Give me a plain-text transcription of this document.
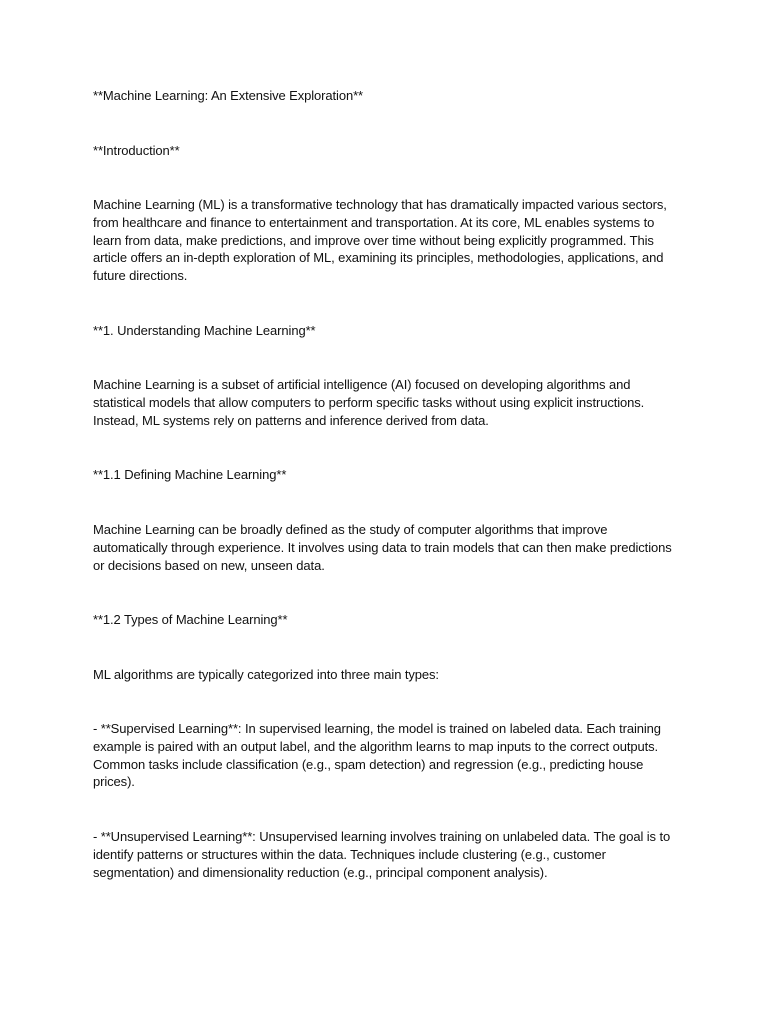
**Machine Learning: An Extensive Exploration**

**Introduction**

Machine Learning (ML) is a transformative technology that has dramatically impacted various sectors, from healthcare and finance to entertainment and transportation. At its core, ML enables systems to learn from data, make predictions, and improve over time without being explicitly programmed. This article offers an in-depth exploration of ML, examining its principles, methodologies, applications, and future directions.

**1. Understanding Machine Learning**

Machine Learning is a subset of artificial intelligence (AI) focused on developing algorithms and statistical models that allow computers to perform specific tasks without using explicit instructions. Instead, ML systems rely on patterns and inference derived from data.

**1.1 Defining Machine Learning**

Machine Learning can be broadly defined as the study of computer algorithms that improve automatically through experience. It involves using data to train models that can then make predictions or decisions based on new, unseen data.

**1.2 Types of Machine Learning**

ML algorithms are typically categorized into three main types:

- **Supervised Learning**: In supervised learning, the model is trained on labeled data. Each training example is paired with an output label, and the algorithm learns to map inputs to the correct outputs. Common tasks include classification (e.g., spam detection) and regression (e.g., predicting house prices).

- **Unsupervised Learning**: Unsupervised learning involves training on unlabeled data. The goal is to identify patterns or structures within the data. Techniques include clustering (e.g., customer segmentation) and dimensionality reduction (e.g., principal component analysis).
